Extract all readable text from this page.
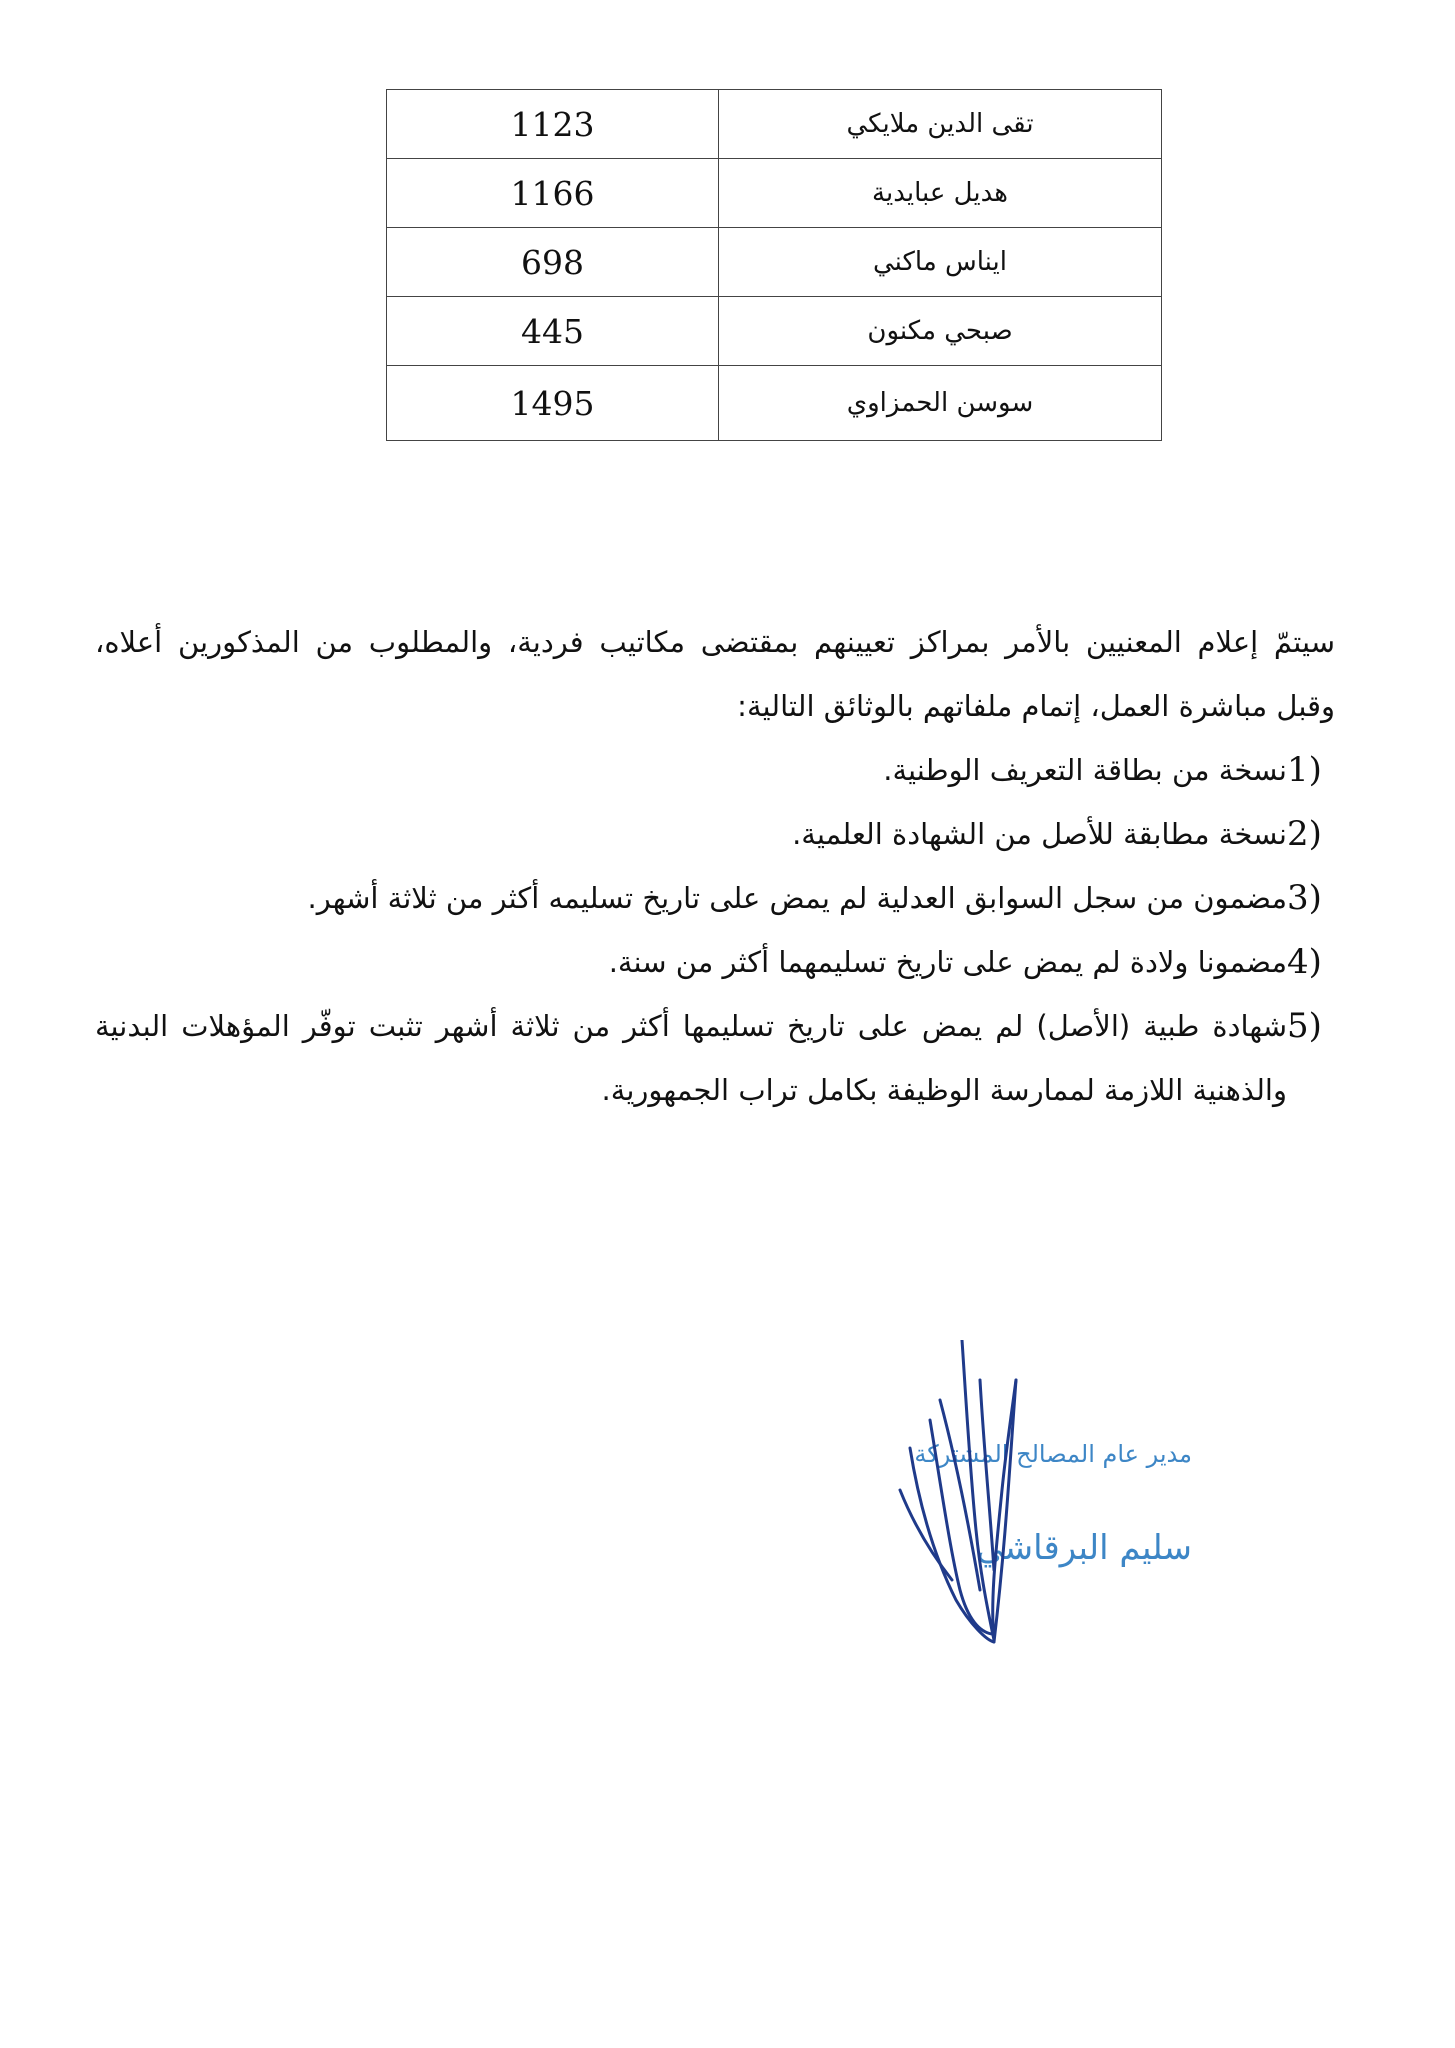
1123	تقى الدين ملايكي
1166	هديل عبايدية
698	ايناس ماكني
445	صبحي مكنون
1495	سوسن الحمزاوي

سيتمّ إعلام المعنيين بالأمر بمراكز تعيينهم بمقتضى مكاتيب فردية، والمطلوب من المذكورين أعلاه،

وقبل مباشرة العمل، إتمام ملفاتهم بالوثائق التالية:

1)
نسخة من بطاقة التعريف الوطنية.
2)
نسخة مطابقة للأصل من الشهادة العلمية.
3)
مضمون من سجل السوابق العدلية لم يمض على تاريخ تسليمه أكثر من ثلاثة أشهر.
4)
مضمونا ولادة لم يمض على تاريخ تسليمهما أكثر من سنة.
5)
شهادة طبية (الأصل) لم يمض على تاريخ تسليمها أكثر من ثلاثة أشهر تثبت توفّر المؤهلات البدنية والذهنية اللازمة لممارسة الوظيفة بكامل تراب الجمهورية.
مدير عام المصالح المشتركة
سليم البرقاشي
